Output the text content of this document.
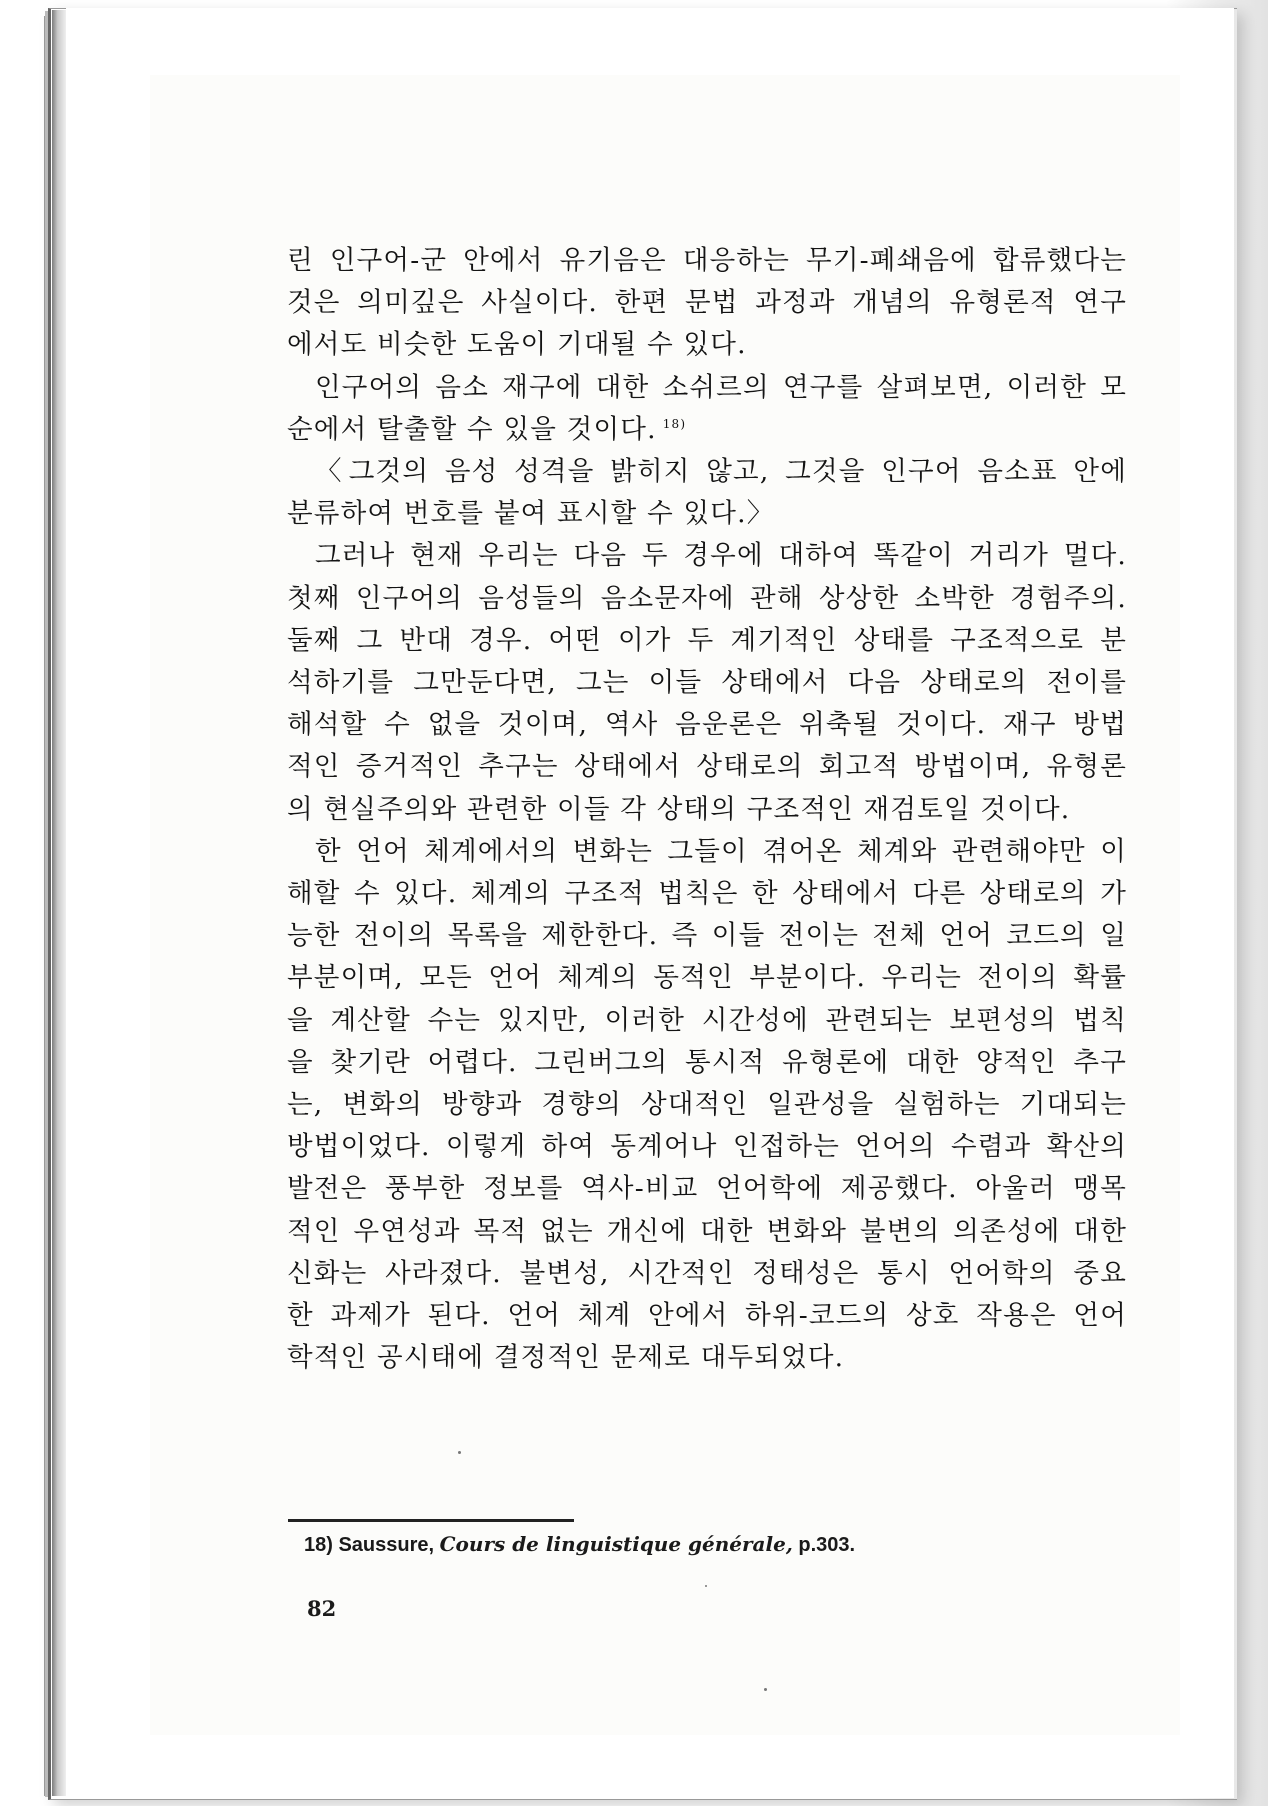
린 인구어-군 안에서 유기음은 대응하는 무기-폐쇄음에 합류했다는

것은 의미깊은 사실이다. 한편 문법 과정과 개념의 유형론적 연구

에서도 비슷한 도움이 기대될 수 있다.

인구어의 음소 재구에 대한 소쉬르의 연구를 살펴보면, 이러한 모

순에서 탈출할 수 있을 것이다. $^{18)}$

〈그것의 음성 성격을 밝히지 않고, 그것을 인구어 음소표 안에

분류하여 번호를 붙여 표시할 수 있다.〉

그러나 현재 우리는 다음 두 경우에 대하여 똑같이 거리가 멀다.

첫째 인구어의 음성들의 음소문자에 관해 상상한 소박한 경험주의.

둘째 그 반대 경우. 어떤 이가 두 계기적인 상태를 구조적으로 분

석하기를 그만둔다면, 그는 이들 상태에서 다음 상태로의 전이를

해석할 수 없을 것이며, 역사 음운론은 위축될 것이다. 재구 방법

적인 증거적인 추구는 상태에서 상태로의 회고적 방법이며, 유형론

의 현실주의와 관련한 이들 각 상태의 구조적인 재검토일 것이다.

한 언어 체계에서의 변화는 그들이 겪어온 체계와 관련해야만 이

해할 수 있다. 체계의 구조적 법칙은 한 상태에서 다른 상태로의 가

능한 전이의 목록을 제한한다. 즉 이들 전이는 전체 언어 코드의 일

부분이며, 모든 언어 체계의 동적인 부분이다. 우리는 전이의 확률

을 계산할 수는 있지만, 이러한 시간성에 관련되는 보편성의 법칙

을 찾기란 어렵다. 그린버그의 통시적 유형론에 대한 양적인 추구

는, 변화의 방향과 경향의 상대적인 일관성을 실험하는 기대되는

방법이었다. 이렇게 하여 동계어나 인접하는 언어의 수렴과 확산의

발전은 풍부한 정보를 역사-비교 언어학에 제공했다. 아울러 맹목

적인 우연성과 목적 없는 개신에 대한 변화와 불변의 의존성에 대한

신화는 사라졌다. 불변성, 시간적인 정태성은 통시 언어학의 중요

한 과제가 된다. 언어 체계 안에서 하위-코드의 상호 작용은 언어

학적인 공시태에 결정적인 문제로 대두되었다.

18) Saussure, Cours de linguistique générale, p.303.
82
